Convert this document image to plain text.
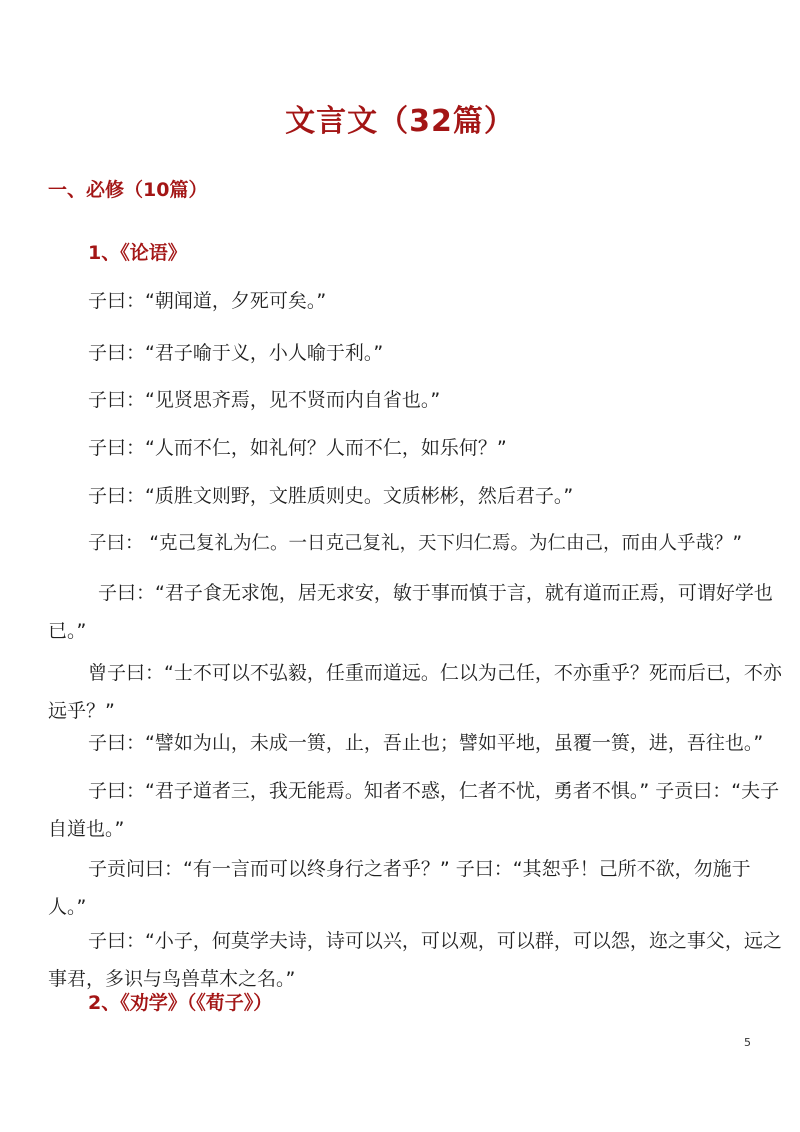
文言文（32篇）
一、必修（10篇）
1、《论语》
子曰：“朝闻道，夕死可矣。”
子曰：“君子喻于义，小人喻于利。”
子曰：“见贤思齐焉，见不贤而内自省也。”
子曰：“人而不仁，如礼何？人而不仁，如乐何？”
子曰：“质胜文则野，文胜质则史。文质彬彬，然后君子。”
子曰： “克己复礼为仁。一日克己复礼，天下归仁焉。为仁由己，而由人乎哉？”
子曰：“君子食无求饱，居无求安，敏于事而慎于言，就有道而正焉，可谓好学也已。”
曾子曰：“士不可以不弘毅，任重而道远。仁以为己任，不亦重乎？死而后已，不亦远乎？”
子曰：“譬如为山，未成一篑，止，吾止也；譬如平地，虽覆一篑，进，吾往也。”
子曰：“君子道者三，我无能焉。知者不惑，仁者不忧，勇者不惧。” 子贡曰：“夫子自道也。”
子贡问曰：“有一言而可以终身行之者乎？” 子曰：“其恕乎！己所不欲，勿施于人。”
子曰：“小子，何莫学夫诗，诗可以兴，可以观，可以群，可以怨，迩之事父，远之事君，多识与鸟兽草木之名。”
2、《劝学》（《荀子》）
5
